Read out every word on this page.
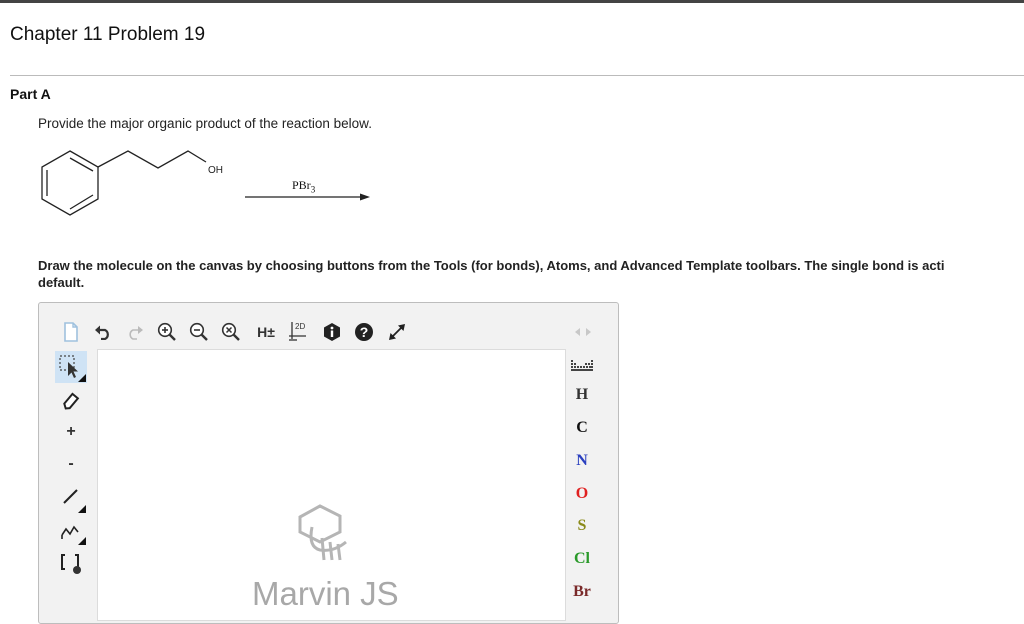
Chapter 11 Problem 19
Part A
Provide the major organic product of the reaction below.
OH
PBr$_3$
Draw the molecule on the canvas by choosing buttons from the Tools (for bonds), Atoms, and Advanced Template toolbars. The single bond is acti
default.
H±	2D	?
+
-
Marvin JS
H
C
N
O
S
Cl
Br
